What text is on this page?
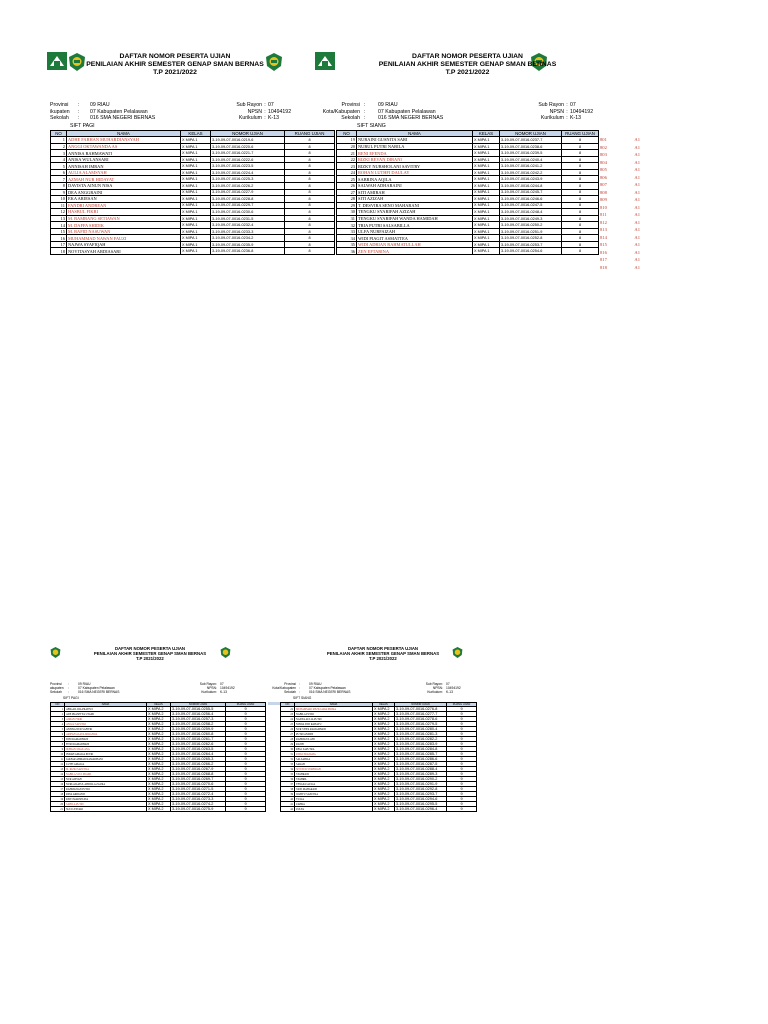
DAFTAR NOMOR PESERTA UJIAN
PENILAIAN AKHIR SEMESTER GENAP SMAN BERNAS
T.P 2021/2022
DAFTAR NOMOR PESERTA UJIAN
PENILAIAN AKHIR SEMESTER GENAP SMAN BERNAS
T.P 2021/2022
Provinsi	:	09 RIAU
ikupaten	:	07 Kabupaten Pelalawan
Sekolah	:	016 SMA NEGERI BERNAS
Sub Rayon : 07
NPSN : 10494192
Kurikulum : K-13
SIFT PAGI
Provinsi :	09 RIAU
Kota/Kabupaten :	07 Kabupaten Pelalawan
Sekolah :	016 SMA NEGERI BERNAS
Sub Rayon : 07
NPSN : 10494192
Kurikulum : K-13
SIFT SIANG
NO	NAMA	KELAS	NOMOR UJIAN	RUANG UJIAN
1	ADHE FARHAN MUHARDIANSYAH	X MIPA 1	3-19-09-07-0016-0219-6	8
2	ANGGI OKTAWANDA AS	X MIPA 1	3-19-09-07-0016-0220-6	8
3	ANNISA RAHMAWATI	X MIPA 1	3-19-09-07-0016-0221-7	8
4	ANISA WULANSARI	X MIPA 1	3-19-09-07-0016-0222-6	8
5	ANNISAH IMRAN	X MIPA 1	3-19-09-07-0016-0223-5	8
6	AULIA ALAMSYAH	X MIPA 1	3-19-09-07-0016-0224-4	8
7	AZMAH NUR HIDAYAT	X MIPA 1	3-19-09-07-0016-0225-3	8
8	DAVISTA AINUN NISA	X MIPA 1	3-19-09-07-0016-0226-2	8
9	DEA ANGGRAINI	X MIPA 1	3-19-09-07-0016-0227-9	8
10	EKA ARIESAN	X MIPA 1	3-19-09-07-0016-0228-8	8
11	FANDRI ANDREAN	X MIPA 1	3-19-09-07-0016-0229-7	8
12	HASBUL FIKRI	X MIPA 1	3-19-09-07-0016-0230-6	8
13	M. BAMBANG SETIAWAN	X MIPA 1	3-19-09-07-0016-0231-5	8
14	M. DAFFA SHIDIK	X MIPA 1	3-19-09-07-0016-0232-4	8
15	M. RAFID NASUWAN	X MIPA 1	3-19-09-07-0016-0233-3	8
16	MUHAMMAD NAWAN FAUZI	X MIPA 1	3-19-09-07-0016-0234-2	8
17	NAJWA SYAFIQAH	X MIPA 1	3-19-09-07-0016-0235-9	8
18	NOVITASYAH ARDIASARI	X MIPA 1	3-19-09-07-0016-0236-8	8
NO	NAMA	KELAS	NOMOR UJIAN	RUANG UJIAN
19	NURAINI GUSNITA SARI	X MIPA 1	3-19-09-07-0016-0237-7	8
20	NURUL PUTRI NABILA	X MIPA 1	3-19-09-07-0016-0238-6	8
21	RENI EFENDA	X MIPA 1	3-19-09-07-0016-0239-5	8
22	RIZKI REVAN DIRANI	X MIPA 1	3-19-09-07-0016-0240-4	8
23	RIZKY NURSHOLANI SAVITRY	X MIPA 1	3-19-09-07-0016-0241-2	8
24	ROHAN LUTHFI DAULAY	X MIPA 1	3-19-09-07-0016-0242-2	8
25	SABRINA AQILA	X MIPA 1	3-19-09-07-0016-0243-9	8
26	SALWAH ADHARAINI	X MIPA 1	3-19-09-07-0016-0244-8	8
27	SITI AMIRAH	X MIPA 1	3-19-09-07-0016-0245-7	8
28	SITI AZIZAH	X MIPA 1	3-19-09-07-0016-0246-6	8
29	T. DESVIRA SENO MAHARANI	X MIPA 1	3-19-09-07-0016-0247-5	8
30	TENGKU SYARIFAH AZIZAH	X MIPA 1	3-19-09-07-0016-0248-4	8
31	TENGKU SYARIFAH WANDA HAMIDAH	X MIPA 1	3-19-09-07-0016-0249-3	8
32	TRIA PUTRI SALSABILLA	X MIPA 1	3-19-09-07-0016-0250-2	8
33	ULFA NURFAIZAH	X MIPA 1	3-19-09-07-0016-0251-9	8
34	WIDI PIAGIT ASMATTEA	X MIPA 1	3-19-09-07-0016-0252-8	8
35	WIDI ADRIAN RAHMATULLAH	X MIPA 1	3-19-09-07-0016-0253-7	8
36	ZEN EFTARINA	X MIPA 1	3-19-09-07-0016-0254-6	8
801	A1
802	A1
803	A1
804	A1
805	A1
806	A1
807	A1
808	A1
809	A1
810	A1
811	A1
812	A1
813	A1
814	A1
815	A1
816	A1
817	A1
818	A1
DAFTAR NOMOR PESERTA UJIAN
PENILAIAN AKHIR SEMESTER GENAP SMAN BERNAS
T.P 2021/2022
DAFTAR NOMOR PESERTA UJIAN
PENILAIAN AKHIR SEMESTER GENAP SMAN BERNAS
T.P 2021/2022
Provinsi	:	09 RIAU
akupaten	:	07 Kabupaten Pelalawan
Sekolah	:	016 SMA NEGERI BERNAS
Sub Rayon : 07
NPSN : 10494192
Kurikulum : K-13
SIFT PAGI
Provinsi :	09 RIAU
Kota/Kabupaten :	07 Kabupaten Pelalawan
Sekolah :	016 SMA NEGERI BERNAS
Sub Rayon : 07
NPSN : 10494192
Kurikulum : K-13
SIFT SIANG
NO	NAMA	KELAS	NOMOR UJIAN	RUANG UJIAN
1	ABIGAIL RIA PRATIWI	X MIPA 2	3-19-09-07-0016-0255-5	9
2	ADE PRASETYA UTAMI	X MIPA 2	3-19-09-07-0016-0256-4	9
3	AIMAN FIKRI	X MIPA 2	3-19-09-07-0016-0257-3	9
4	ANGGI SAPUTRI	X MIPA 2	3-19-09-07-0016-0258-2	9
5	ANNISA NUR SAFITRI	X MIPA 2	3-19-09-07-0016-0259-9	9
6	ARIFAH ALAYA MIRANDA	X MIPA 2	3-19-09-07-0016-0260-8	9
7	DINI RAMADHANI	X MIPA 2	3-19-09-07-0016-0261-7	9
8	FITRI RAMADHANI	X MIPA 2	3-19-09-07-0016-0262-6	9
9	IKHSAN MAULANA	X MIPA 2	3-19-09-07-0016-0263-5	9
10	INDAH AMALIA PUTRI	X MIPA 2	3-19-09-07-0016-0264-4	9
11	JAKFAR AHMAD RAMADHANI	X MIPA 2	3-19-09-07-0016-0265-3	9
12	LUTFI AMALIA	X MIPA 2	3-19-09-07-0016-0266-2	9
13	M. RIZKI SAPUTRA	X MIPA 2	3-19-09-07-0016-0267-9	9
14	NABILA SUCI PRAMI	X MIPA 2	3-19-09-07-0016-0268-8	9
15	NUR AISYAH	X MIPA 2	3-19-09-07-0016-0269-7	9
16	NURLAILATUL ABDILLA ZAURA	X MIPA 2	3-19-09-07-0016-0270-6	9
17	RAHMATIAN PUTRI	X MIPA 2	3-19-09-07-0016-0271-5	9
18	RINA ARDIANTI	X MIPA 2	3-19-09-07-0016-0272-4	9
19	RISTI MARSELINA	X MIPA 2	3-19-09-07-0016-0273-3	9
20	SAHILA PUTRI	X MIPA 2	3-19-09-07-0016-0274-2	9
21	SUCI LESTARI	X MIPA 2	3-19-09-07-0016-0275-9	9
NO	NAMA	KELAS	NOMOR UJIAN	RUANG UJIAN
22	MUHAMMAD REZKI ARIA PRIMA	X MIPA 2	3-19-09-07-0016-0276-8	9
23	NABILA PUTRI	X MIPA 2	3-19-09-07-0016-0277-7	9
24	NADYA AULIA PUTRI	X MIPA 2	3-19-09-07-0016-0278-6	9
25	NINDA DWI RAHAYU	X MIPA 2	3-19-09-07-0016-0279-5	9
26	NUR SYIFA RAMADHANI	X MIPA 2	3-19-09-07-0016-0280-4	9
27	PUTRI ANDINI	X MIPA 2	3-19-09-07-0016-0281-3	9
28	RAHMAT ILAHI	X MIPA 2	3-19-09-07-0016-0282-2	9
29	RATIH	X MIPA 2	3-19-09-07-0016-0283-9	9
30	REGI SAPUTRA	X MIPA 2	3-19-09-07-0016-0284-8	9
31	RIZKI PRATAMA	X MIPA 2	3-19-09-07-0016-0285-7	9
32	SALSABILA	X MIPA 2	3-19-09-07-0016-0286-6	9
33	SARAH	X MIPA 2	3-19-09-07-0016-0287-5	9
34	SITI NUR SYAHIRAH	X MIPA 2	3-19-09-07-0016-0288-4	9
35	SYAHRANI	X MIPA 2	3-19-09-07-0016-0289-3	9
36	SYAHRIL	X MIPA 2	3-19-09-07-0016-0290-2	9
37	TENGKU AULIA	X MIPA 2	3-19-09-07-0016-0291-9	9
38	VANI MAHARANI	X MIPA 2	3-19-09-07-0016-0292-8	9
39	WAHYU SAPUTRA	X MIPA 2	3-19-09-07-0016-0293-7	9
40	YULIA	X MIPA 2	3-19-09-07-0016-0294-6	9
41	ZAHRA	X MIPA 2	3-19-09-07-0016-0295-5	9
42	ZULFA	X MIPA 2	3-19-09-07-0016-0296-4	9
